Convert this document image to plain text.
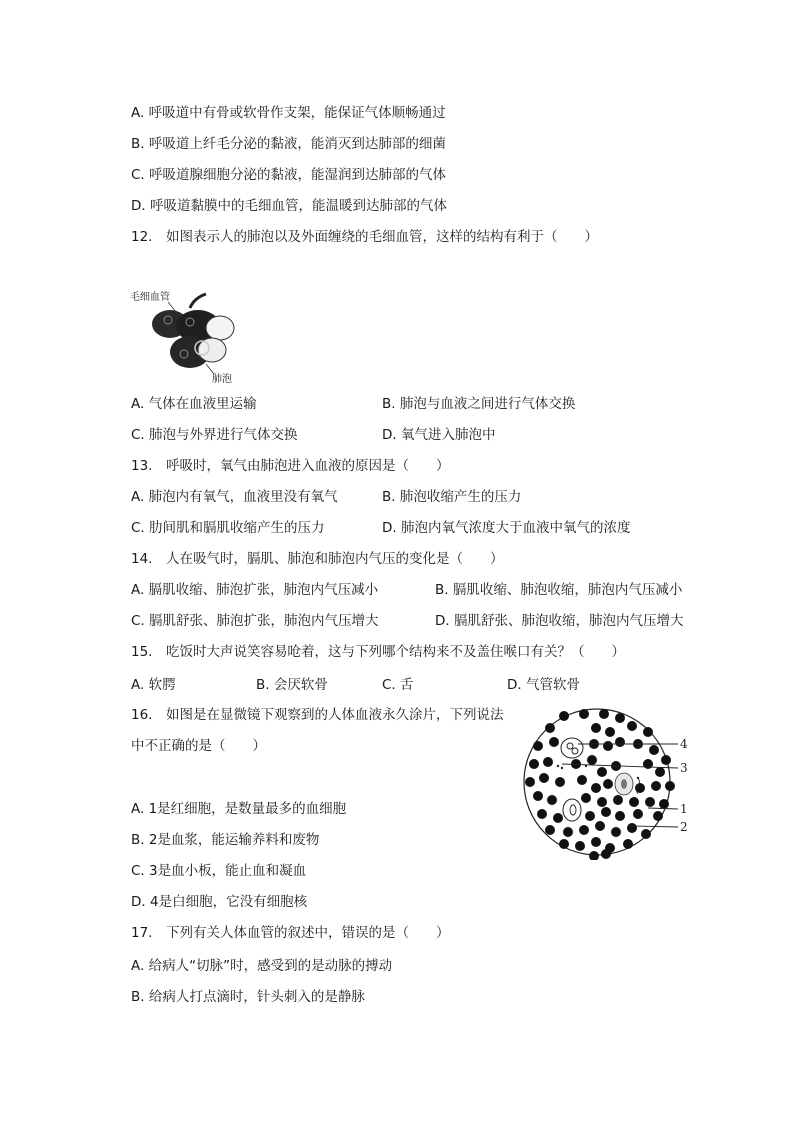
A. 呼吸道中有骨或软骨作支架，能保证气体顺畅通过
B. 呼吸道上纤毛分泌的黏液，能消灭到达肺部的细菌
C. 呼吸道腺细胞分泌的黏液，能湿润到达肺部的气体
D. 呼吸道黏膜中的毛细血管，能温暖到达肺部的气体
12.　如图表示人的肺泡以及外面缠绕的毛细血管，这样的结构有利于（　　）
毛细血管
肺泡
A. 气体在血液里运输	B. 肺泡与血液之间进行气体交换
C. 肺泡与外界进行气体交换	D. 氧气进入肺泡中
13.　呼吸时，氧气由肺泡进入血液的原因是（　　）
A. 肺泡内有氧气，血液里没有氧气	B. 肺泡收缩产生的压力
C. 肋间肌和膈肌收缩产生的压力	D. 肺泡内氧气浓度大于血液中氧气的浓度
14.　人在吸气时，膈肌、肺泡和肺泡内气压的变化是（　　）
A. 膈肌收缩、肺泡扩张，肺泡内气压减小	B. 膈肌收缩、肺泡收缩，肺泡内气压减小
C. 膈肌舒张、肺泡扩张，肺泡内气压增大	D. 膈肌舒张、肺泡收缩，肺泡内气压增大
15.　吃饭时大声说笑容易呛着，这与下列哪个结构来不及盖住喉口有关？（　　）
A. 软腭	B. 会厌软骨	C. 舌	D. 气管软骨
16.　如图是在显微镜下观察到的人体血液永久涂片，下列说法
中不正确的是（　　）	4
3
1
2
A. 1是红细胞，是数量最多的血细胞
B. 2是血浆，能运输养料和废物
C. 3是血小板，能止血和凝血
D. 4是白细胞，它没有细胞核
17.　下列有关人体血管的叙述中，错误的是（　　）
A. 给病人“切脉”时，感受到的是动脉的搏动
B. 给病人打点滴时，针头刺入的是静脉
